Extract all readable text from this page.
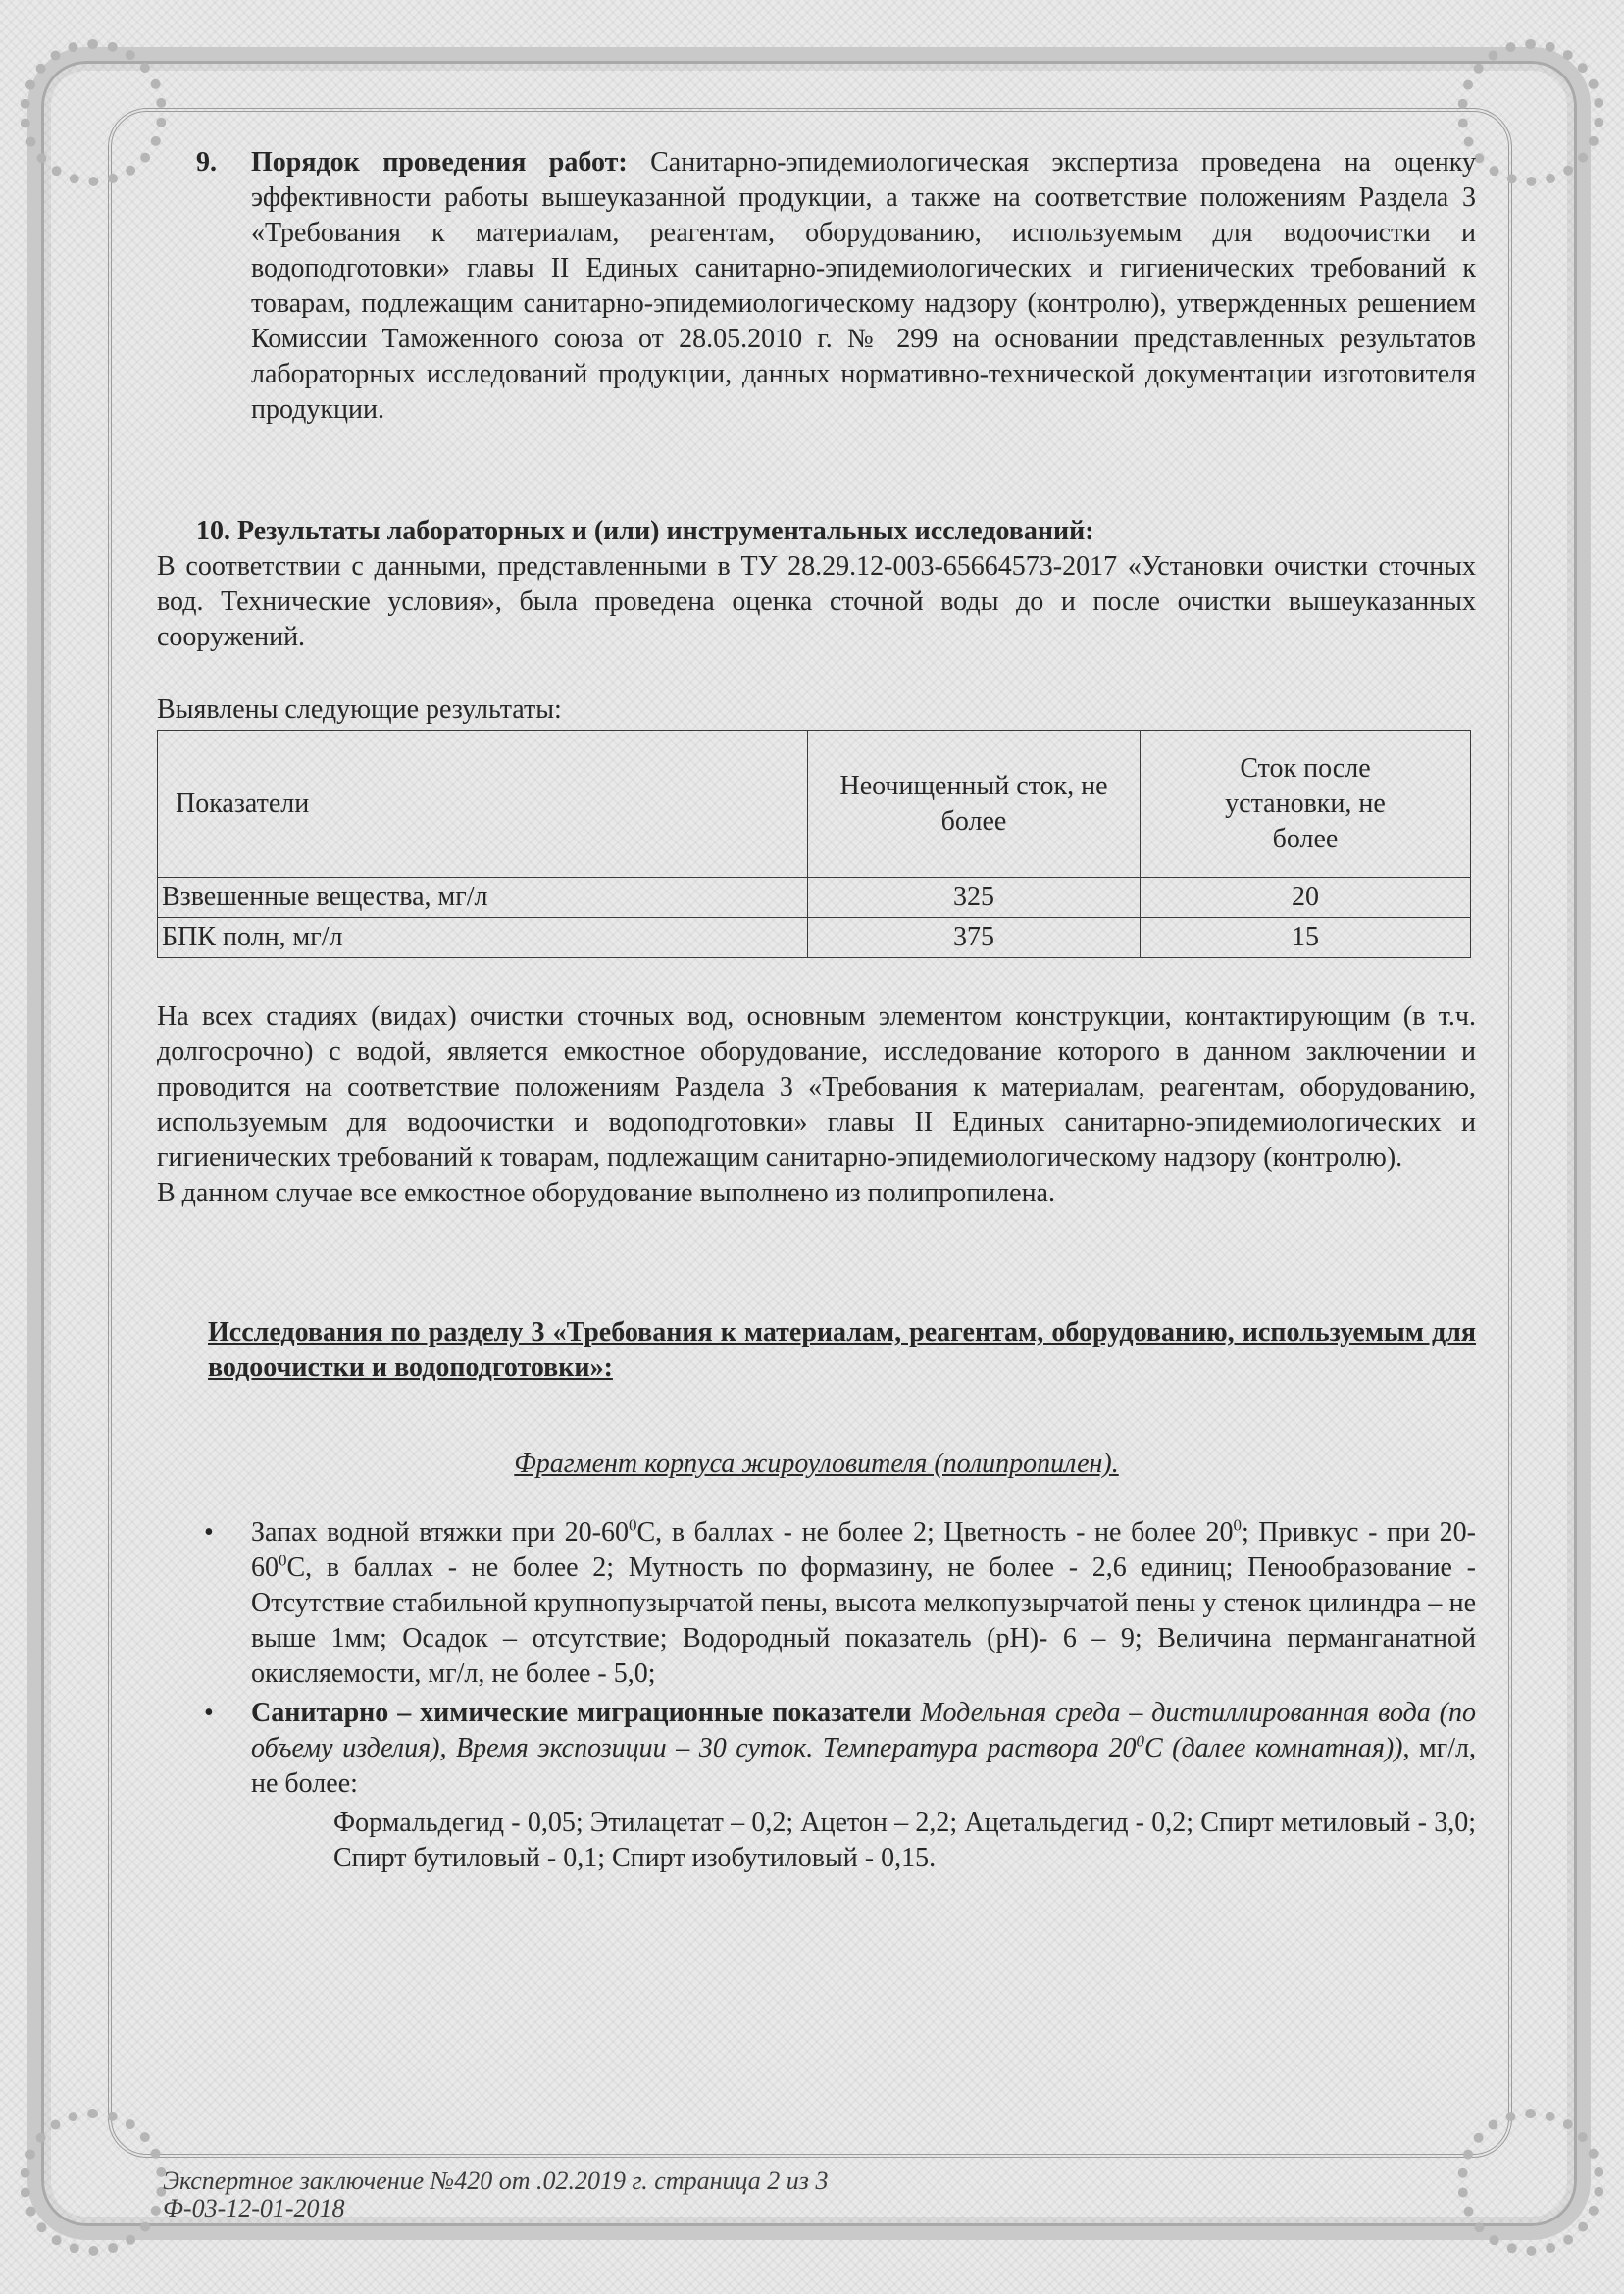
9. Порядок проведения работ: Санитарно-эпидемиологическая экспертиза проведена на оценку эффективности работы вышеуказанной продукции, а также на соответствие положениям Раздела 3 «Требования к материалам, реагентам, оборудованию, используемым для водоочистки и водоподготовки» главы II Единых санитарно-эпидемиологических и гигиенических требований к товарам, подлежащим санитарно-эпидемиологическому надзору (контролю), утвержденных решением Комиссии Таможенного союза от 28.05.2010 г. № 299 на основании представленных результатов лабораторных исследований продукции, данных нормативно-технической документации изготовителя продукции.
10. Результаты лабораторных и (или) инструментальных исследований:
В соответствии с данными, представленными в ТУ 28.29.12-003-65664573-2017 «Установки очистки сточных вод. Технические условия», была проведена оценка сточной воды до и после очистки вышеуказанных сооружений.
Выявлены следующие результаты:
Показатели	Неочищенный сток, не более	Сток после установки, не более

Взвешенные вещества, мг/л	325	20
БПК полн, мг/л	375	15
На всех стадиях (видах) очистки сточных вод, основным элементом конструкции, контактирующим (в т.ч. долгосрочно) с водой, является емкостное оборудование, исследование которого в данном заключении и проводится на соответствие положениям Раздела 3 «Требования к материалам, реагентам, оборудованию, используемым для водоочистки и водоподготовки» главы II Единых санитарно-эпидемиологических и гигиенических требований к товарам, подлежащим санитарно-эпидемиологическому надзору (контролю).
В данном случае все емкостное оборудование выполнено из полипропилена.
Исследования по разделу 3 «Требования к материалам, реагентам, оборудованию, используемым для водоочистки и водоподготовки»:
Фрагмент корпуса жироуловителя (полипропилен).
• Запах водной втяжки при $20-60^0С$, в баллах - не более 2; Цветность - не более $20^0$; Привкус - при $20-60^0С$, в баллах - не более 2; Мутность по формазину, не более - 2,6 единиц; Пенообразование - Отсутствие стабильной крупнопузырчатой пены, высота мелкопузырчатой пены у стенок цилиндра – не выше 1мм; Осадок – отсутствие; Водородный показатель (рН)- 6 – 9; Величина перманганатной окисляемости, мг/л, не более - 5,0;
• Санитарно – химические миграционные показатели Модельная среда – дистиллированная вода (по объему изделия), Время экспозиции – 30 суток. Температура раствора $20^0С$ (далее комнатная)), мг/л, не более:
Формальдегид - 0,05; Этилацетат – 0,2; Ацетон – 2,2; Ацетальдегид - 0,2; Спирт метиловый - 3,0; Спирт бутиловый - 0,1; Спирт изобутиловый - 0,15.
Экспертное заключение №420 от .02.2019 г. страница 2 из 3
Ф-03-12-01-2018
